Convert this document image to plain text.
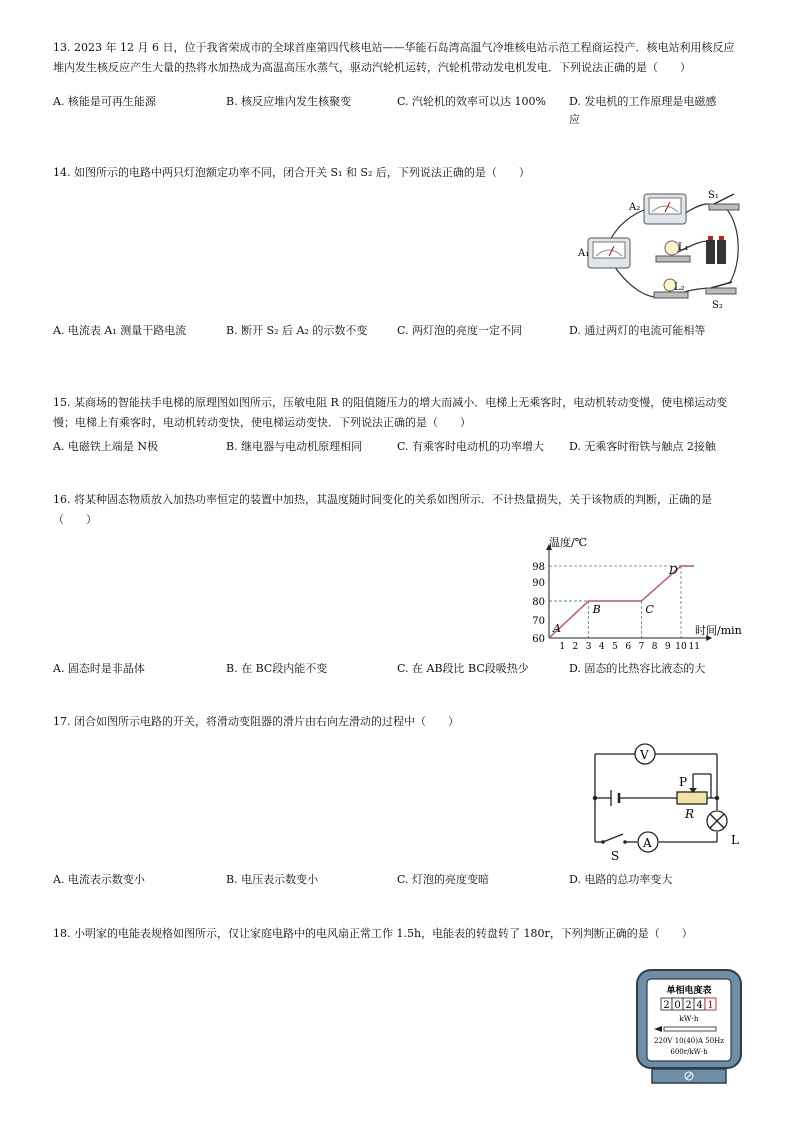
13. 2023 年 12 月 6 日，位于我省荣成市的全球首座第四代核电站——华能石岛湾高温气冷堆核电站示范工程商运投产．核电站利用核反应堆内发生核反应产生大量的热将水加热成为高温高压水蒸气，驱动汽轮机运转，汽轮机带动发电机发电．下列说法正确的是（　　）
A. 核能是可再生能源	B. 核反应堆内发生核聚变	C. 汽轮机的效率可以达 100% D. 发电机的工作原理是电磁感应
14. 如图所示的电路中两只灯泡额定功率不同，闭合开关 S₁ 和 S₂ 后，下列说法正确的是（　　）
A₂
A₁
L₁
L₂
S₁
S₂
A. 电流表 A₁ 测量干路电流	B. 断开 S₂ 后 A₂ 的示数不变	C. 两灯泡的亮度一定不同	D. 通过两灯的电流可能相等
15. 某商场的智能扶手电梯的原理图如图所示，压敏电阻 R 的阻值随压力的增大而减小．电梯上无乘客时，电动机转动变慢，使电梯运动变慢；电梯上有乘客时，电动机转动变快，使电梯运动变快．下列说法正确的是（　　）
A. 电磁铁上端是 N极	B. 继电器与电动机原理相同	C. 有乘客时电动机的功率增大 D. 无乘客时衔铁与触点 2接触
16. 将某种固态物质放入加热功率恒定的装置中加热，其温度随时间变化的关系如图所示．不计热量损失，关于该物质的判断，正确的是（　　）
60
70
80
90
98
1 2 3 4 5 6 7 8 9 10 11
A
B	C
D
温度/℃
时间/min
A. 固态时是非晶体	B. 在 BC段内能不变	C. 在 AB段比 BC段吸热少	D. 固态的比热容比液态的大
17. 闭合如图所示电路的开关，将滑动变阻器的滑片由右向左滑动的过程中（　　）
V
A
P
R
L
S
A. 电流表示数变小	B. 电压表示数变小	C. 灯泡的亮度变暗	D. 电路的总功率变大
18. 小明家的电能表规格如图所示，仅让家庭电路中的电风扇正常工作 1.5h，电能表的转盘转了 180r，下列判断正确的是（　　）
单相电度表
2 0 2 4 1
kW·h
220V 10(40)A 50Hz
600r/kW·h
